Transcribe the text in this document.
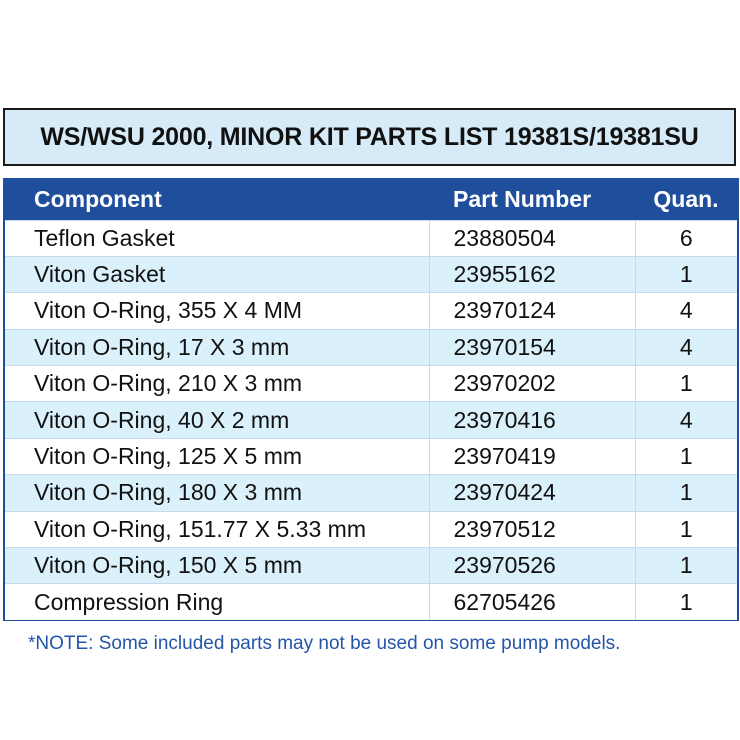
WS/WSU 2000, MINOR KIT PARTS LIST 19381S/19381SU
Component	Part Number	Quan.
Teflon Gasket	23880504	6
Viton Gasket	23955162	1
Viton O-Ring, 355 X 4 MM	23970124	4
Viton O-Ring, 17 X 3 mm	23970154	4
Viton O-Ring, 210 X 3 mm	23970202	1
Viton O-Ring, 40 X 2 mm	23970416	4
Viton O-Ring, 125 X 5 mm	23970419	1
Viton O-Ring, 180 X 3 mm	23970424	1
Viton O-Ring, 151.77 X 5.33 mm	23970512	1
Viton O-Ring, 150 X 5 mm	23970526	1
Compression Ring	62705426	1
*NOTE: Some included parts may not be used on some pump models.
